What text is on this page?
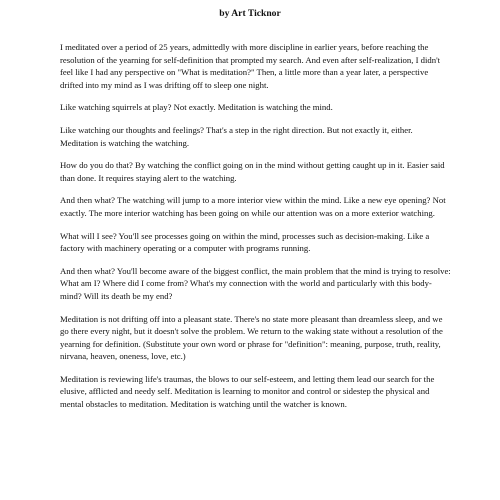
by Art Ticknor

I meditated over a period of 25 years, admittedly with more discipline in earlier years, before reaching the resolution of the yearning for self-definition that prompted my search. And even after self-realization, I didn't feel like I had any perspective on "What is meditation?" Then, a little more than a year later, a perspective drifted into my mind as I was drifting off to sleep one night.

Like watching squirrels at play? Not exactly. Meditation is watching the mind.

Like watching our thoughts and feelings? That's a step in the right direction. But not exactly it, either. Meditation is watching the watching.

How do you do that? By watching the conflict going on in the mind without getting caught up in it. Easier said than done. It requires staying alert to the watching.

And then what? The watching will jump to a more interior view within the mind. Like a new eye opening? Not exactly. The more interior watching has been going on while our attention was on a more exterior watching.

What will I see? You'll see processes going on within the mind, processes such as decision-making. Like a factory with machinery operating or a computer with programs running.

And then what? You'll become aware of the biggest conflict, the main problem that the mind is trying to resolve: What am I? Where did I come from? What's my connection with the world and particularly with this body-mind? Will its death be my end?

Meditation is not drifting off into a pleasant state. There's no state more pleasant than dreamless sleep, and we go there every night, but it doesn't solve the problem. We return to the waking state without a resolution of the yearning for definition. (Substitute your own word or phrase for "definition": meaning, purpose, truth, reality, nirvana, heaven, oneness, love, etc.)

Meditation is reviewing life's traumas, the blows to our self-esteem, and letting them lead our search for the elusive, afflicted and needy self. Meditation is learning to monitor and control or sidestep the physical and mental obstacles to meditation. Meditation is watching until the watcher is known.
